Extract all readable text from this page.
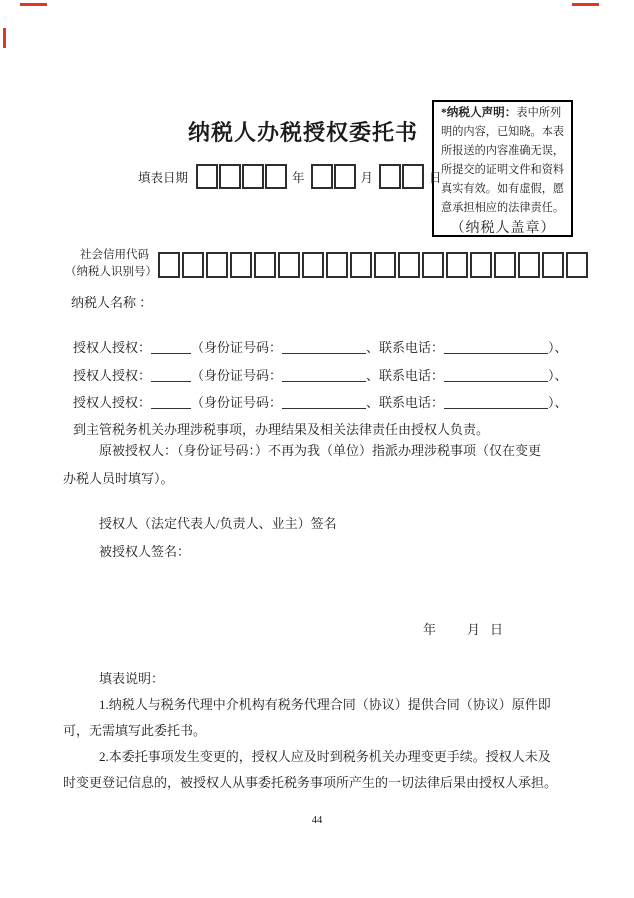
纳税人办税授权委托书
填表日期	年	月	日
*纳税人声明：表中所列
明的内容，已知晓。本表
所报送的内容准确无误，
所提交的证明文件和资料
真实有效。如有虚假，愿
意承担相应的法律责任。
（纳税人盖章）
社会信用代码
（纳税人识别号）
纳税人名称 ：
授权人授权：	（身份证号码：	、联系电话：	）、
授权人授权：	（身份证号码：	、联系电话：	）、
授权人授权：	（身份证号码：	、联系电话：	）、
到主管税务机关办理涉税事项，办理结果及相关法律责任由授权人负责。
原被授权人：（身份证号码：）不再为我（单位）指派办理涉税事项（仅在变更
办税人员时填写）。
授权人（法定代表人/负责人、业主）签名
被授权人签名：
年 月 日
填表说明：
1.纳税人与税务代理中介机构有税务代理合同（协议）提供合同（协议）原件即
可，无需填写此委托书。
2.本委托事项发生变更的，授权人应及时到税务机关办理变更手续。授权人未及
时变更登记信息的，被授权人从事委托税务事项所产生的一切法律后果由授权人承担。
44
